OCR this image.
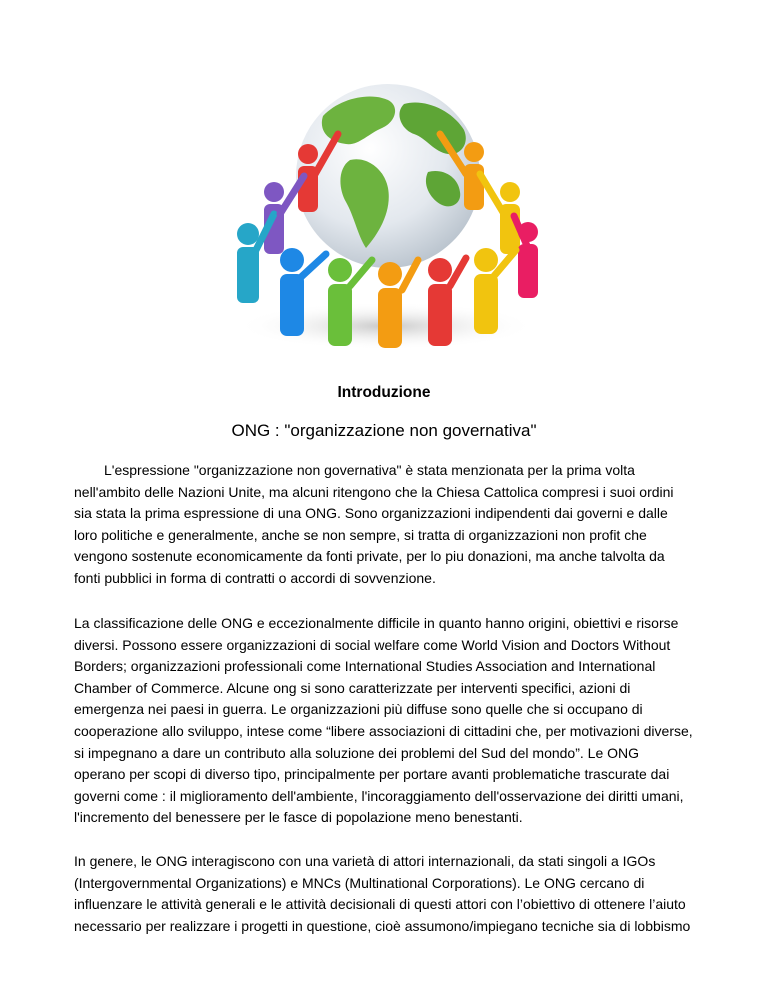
Introduzione
ONG : "organizzazione non governativa"

L'espressione "organizzazione non governativa" è stata menzionata per la prima volta nell'ambito delle Nazioni Unite, ma alcuni ritengono che la Chiesa Cattolica compresi i suoi ordini sia stata la prima espressione di una ONG. Sono organizzazioni indipendenti dai governi e dalle loro politiche e generalmente, anche se non sempre, si tratta di organizzazioni non profit che vengono sostenute economicamente da fonti private, per lo piu donazioni, ma anche talvolta da fonti pubblici in forma di contratti o accordi di sovvenzione.

La classificazione delle ONG e eccezionalmente difficile in quanto hanno origini, obiettivi e risorse diversi. Possono essere organizzazioni di social welfare come World Vision and Doctors Without Borders; organizzazioni professionali come International Studies Association and International Chamber of Commerce. Alcune ong si sono caratterizzate per interventi specifici, azioni di emergenza nei paesi in guerra. Le organizzazioni più diffuse sono quelle che si occupano di cooperazione allo sviluppo, intese come “libere associazioni di cittadini che, per motivazioni diverse, si impegnano a dare un contributo alla soluzione dei problemi del Sud del mondo”. Le ONG operano per scopi di diverso tipo, principalmente per portare avanti problematiche trascurate dai governi come : il miglioramento dell'ambiente, l'incoraggiamento dell'osservazione dei diritti umani, l'incremento del benessere per le fasce di popolazione meno benestanti.

In genere, le ONG interagiscono con una varietà di attori internazionali, da stati singoli a IGOs (Intergovernmental Organizations) e MNCs (Multinational Corporations). Le ONG cercano di influenzare le attività generali e le attività decisionali di questi attori con l’obiettivo di ottenere l’aiuto necessario per realizzare i progetti in questione, cioè assumono/impiegano tecniche sia di lobbismo
